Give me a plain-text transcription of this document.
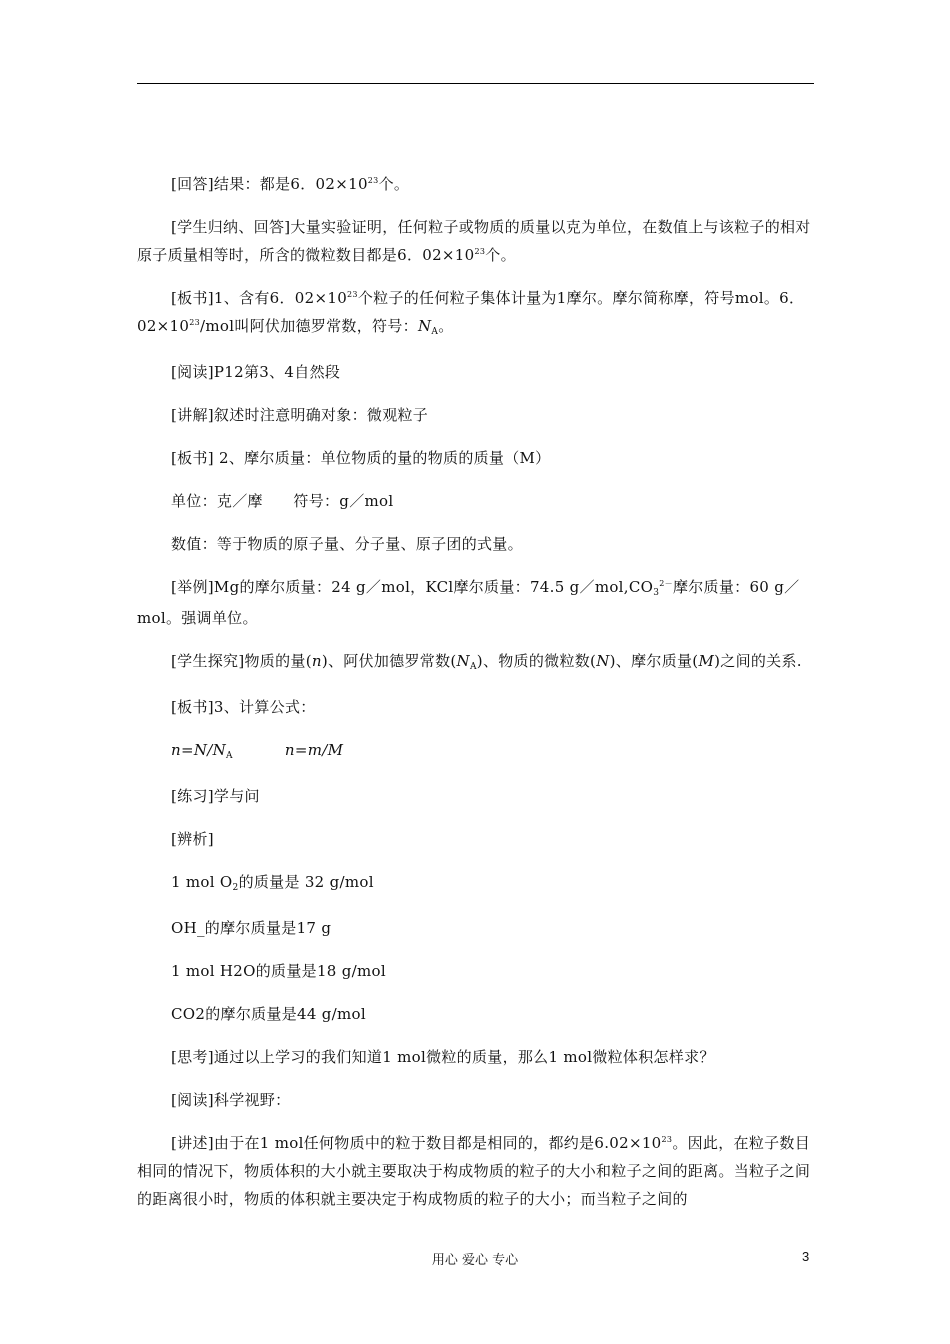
[回答]结果：都是6．$02\times 10^{23}$个。

[学生归纳、回答]大量实验证明，任何粒子或物质的质量以克为单位，在数值上与该粒子的相对原子质量相等时，所含的微粒数目都是6．$02\times 10^{23}$个。

[板书]1、含有6．$02\times 10^{23}$个粒子的任何粒子集体计量为1摩尔。摩尔简称摩，符号mol。6．$02\times 10^{23}$/mol叫阿伏加德罗常数，符号：$N_A$。

[阅读]P12第3、4自然段

[讲解]叙述时注意明确对象：微观粒子

[板书] 2、摩尔质量：单位物质的量的物质的质量（M）

单位：克／摩　　符号：g／mol

数值：等于物质的原子量、分子量、原子团的式量。

[举例]Mg的摩尔质量：24 g／mol，KCl摩尔质量：74.5 $g/mol,CO_3^{2-}$摩尔质量：60 g／mol。强调单位。

[学生探究]物质的量(n)、阿伏加德罗常数$(N_A)$、物质的微粒数(N)、摩尔质量(M)之间的关系.

[板书]3、计算公式：

$n=N/N_A$	n=m/M

[练习]学与问

[辨析]

1 mol $O_2$的质量是 32 g/mol

OH_的摩尔质量是17 g

1 mol H2O的质量是18 g/mol

CO2的摩尔质量是44 g/mol

[思考]通过以上学习的我们知道1 mol微粒的质量，那么1 mol微粒体积怎样求？

[阅读]科学视野：

[讲述]由于在1 mol任何物质中的粒于数目都是相同的，都约是$6.02\times 10^{23}$。因此，在粒子数目相同的情况下，物质体积的大小就主要取决于构成物质的粒子的大小和粒子之间的距离。当粒子之间的距离很小时，物质的体积就主要决定于构成物质的粒子的大小；而当粒子之间的

用心 爱心 专心	3
